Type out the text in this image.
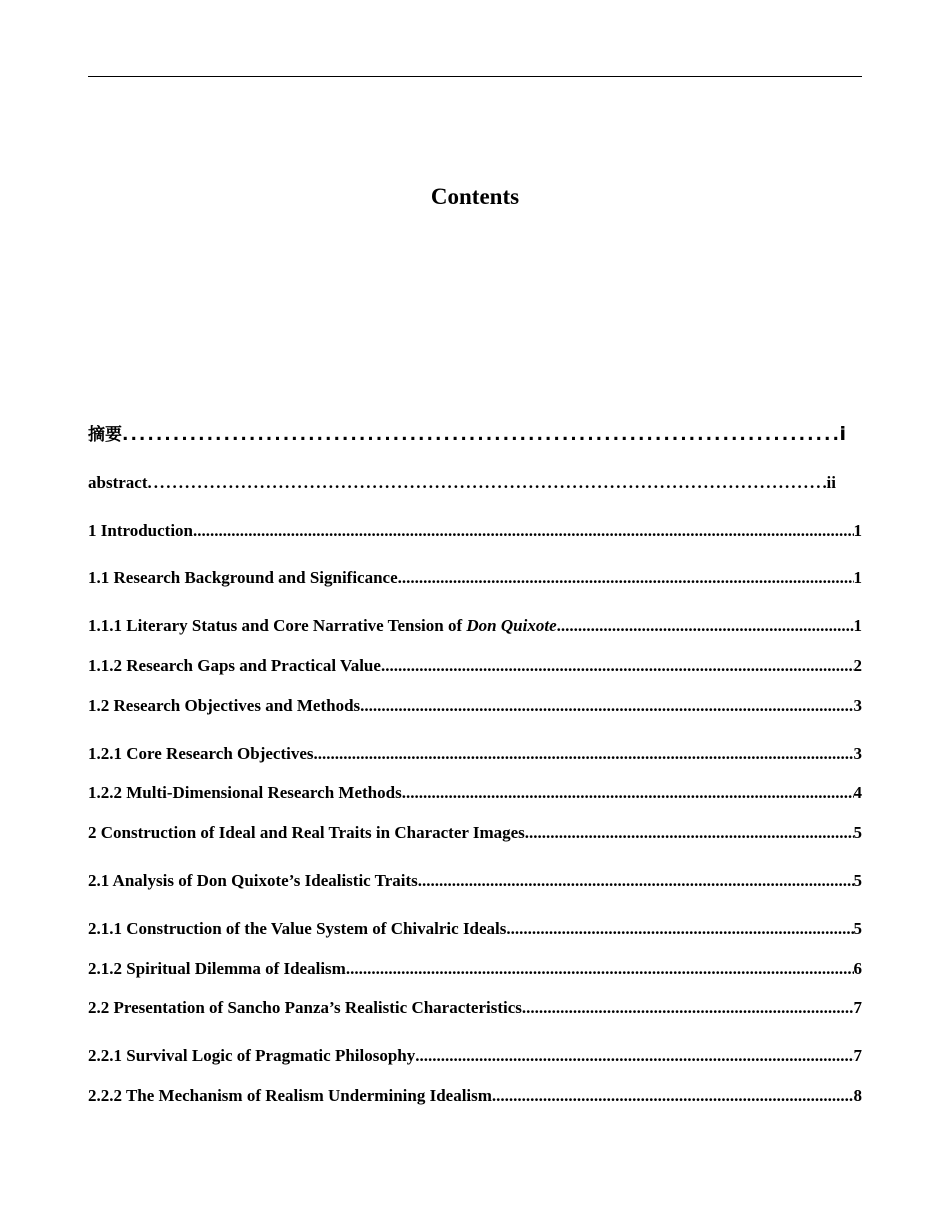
Contents
摘要 .....	i
abstract .....	ii
1 Introduction .....	1
1.1 Research Background and Significance .....	1
1.1.1 Literary Status and Core Narrative Tension of Don Quixote .....	1
1.1.2 Research Gaps and Practical Value .....	2
1.2 Research Objectives and Methods .....	3
1.2.1 Core Research Objectives .....	3
1.2.2 Multi-Dimensional Research Methods .....	4
2 Construction of Ideal and Real Traits in Character Images .....	5
2.1 Analysis of Don Quixote’s Idealistic Traits .....	5
2.1.1 Construction of the Value System of Chivalric Ideals .....	5
2.1.2 Spiritual Dilemma of Idealism .....	6
2.2 Presentation of Sancho Panza’s Realistic Characteristics .....	7
2.2.1 Survival Logic of Pragmatic Philosophy .....	7
2.2.2 The Mechanism of Realism Undermining Idealism .....	8
